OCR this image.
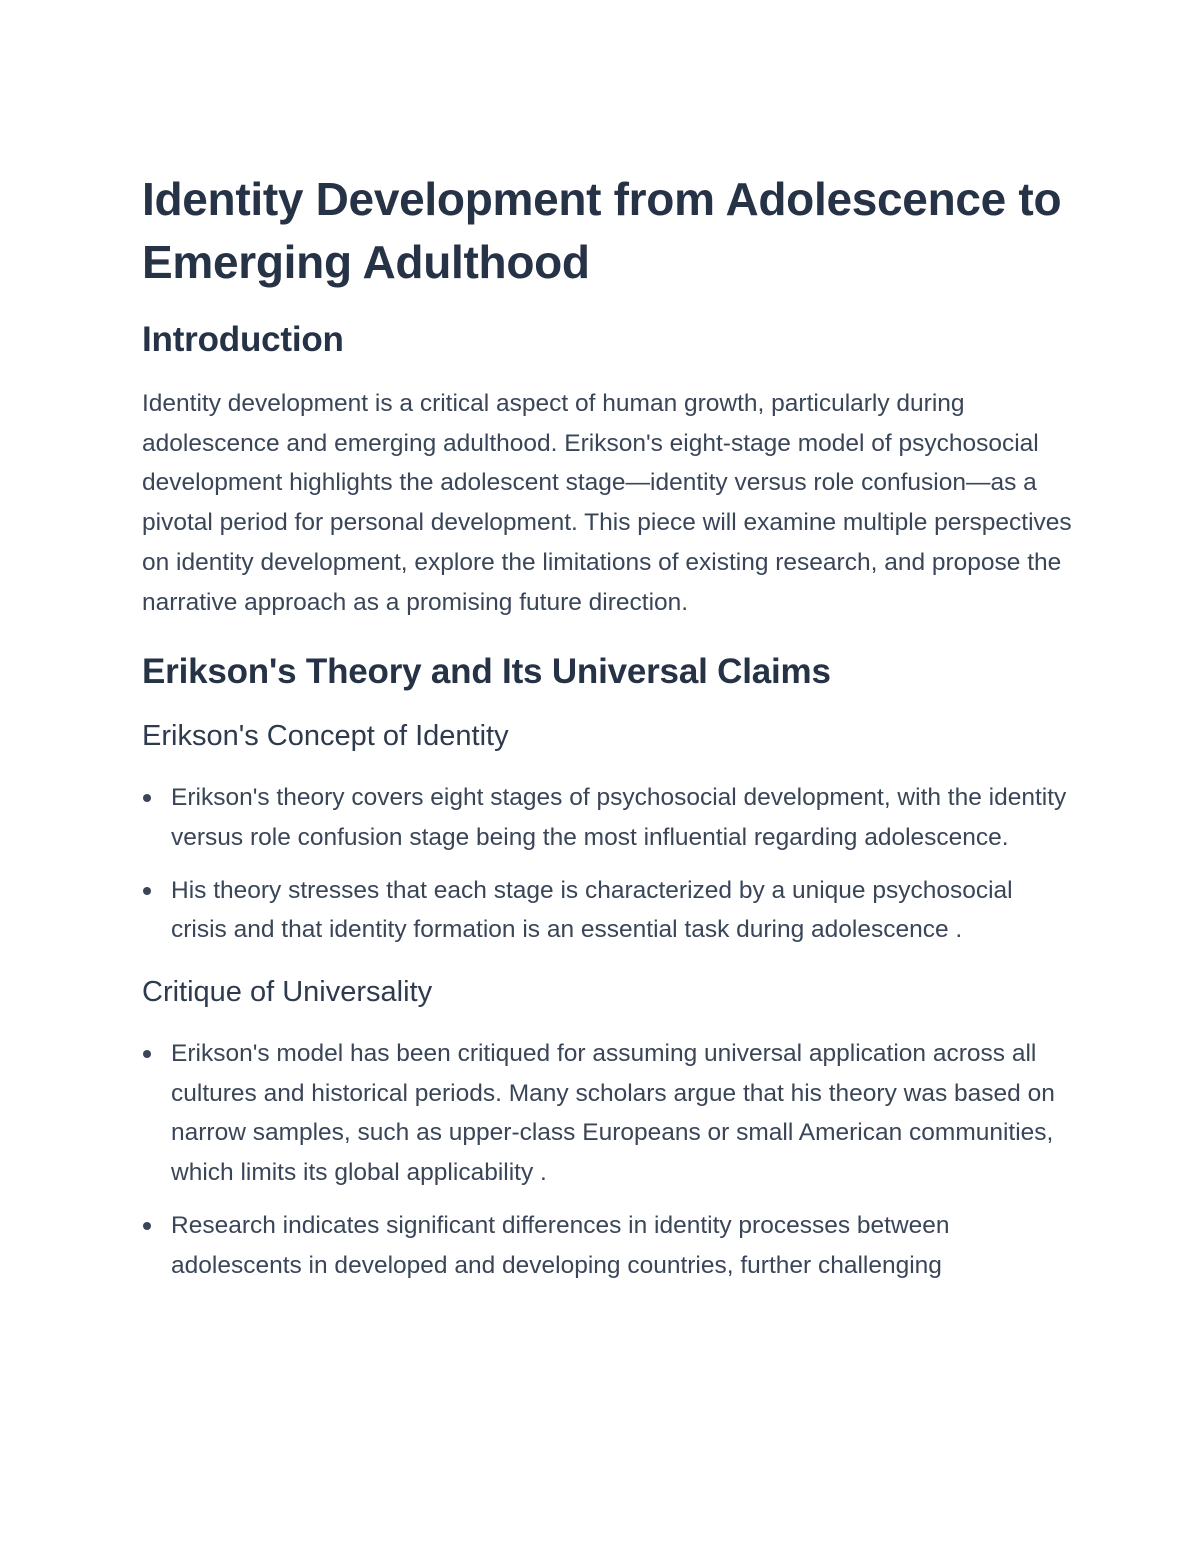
Identity Development from Adolescence to Emerging Adulthood
Introduction

Identity development is a critical aspect of human growth, particularly during adolescence and emerging adulthood. Erikson's eight-stage model of psychosocial development highlights the adolescent stage—identity versus role confusion—as a pivotal period for personal development. This piece will examine multiple perspectives on identity development, explore the limitations of existing research, and propose the narrative approach as a promising future direction.

Erikson's Theory and Its Universal Claims
Erikson's Concept of Identity
Erikson's theory covers eight stages of psychosocial development, with the identity versus role confusion stage being the most influential regarding adolescence.
His theory stresses that each stage is characterized by a unique psychosocial crisis and that identity formation is an essential task during adolescence .
Critique of Universality
Erikson's model has been critiqued for assuming universal application across all cultures and historical periods. Many scholars argue that his theory was based on narrow samples, such as upper-class Europeans or small American communities, which limits its global applicability .
Research indicates significant differences in identity processes between adolescents in developed and developing countries, further challenging
